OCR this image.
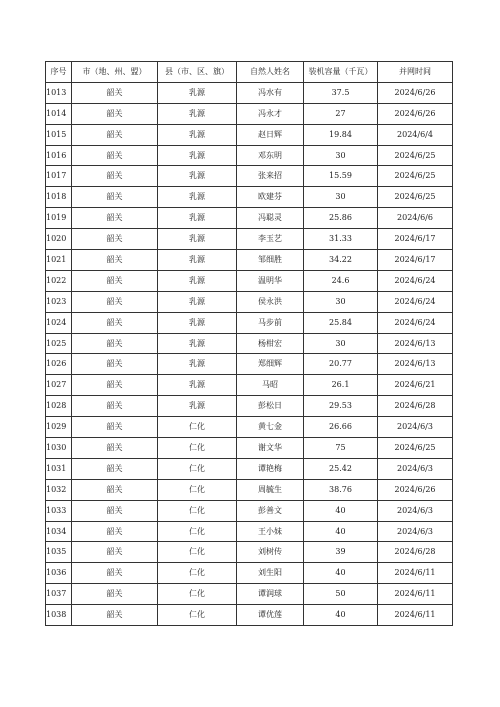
序号	市（地、州、盟）	县（市、区、旗）	自然人姓名	装机容量（千瓦）	并网时间
1013	韶关	乳源	冯水有	37.5	2024/6/26
1014	韶关	乳源	冯永才	27	2024/6/26
1015	韶关	乳源	赵日辉	19.84	2024/6/4
1016	韶关	乳源	邓东明	30	2024/6/25
1017	韶关	乳源	张来招	15.59	2024/6/25
1018	韶关	乳源	欧建芬	30	2024/6/25
1019	韶关	乳源	冯聪灵	25.86	2024/6/6
1020	韶关	乳源	李玉艺	31.33	2024/6/17
1021	韶关	乳源	邹细胜	34.22	2024/6/17
1022	韶关	乳源	温明华	24.6	2024/6/24
1023	韶关	乳源	侯永洪	30	2024/6/24
1024	韶关	乳源	马步前	25.84	2024/6/24
1025	韶关	乳源	杨柑宏	30	2024/6/13
1026	韶关	乳源	郑细辉	20.77	2024/6/13
1027	韶关	乳源	马昭	26.1	2024/6/21
1028	韶关	乳源	彭松日	29.53	2024/6/28
1029	韶关	仁化	黄七金	26.66	2024/6/3
1030	韶关	仁化	谢文华	75	2024/6/25
1031	韶关	仁化	谭艳梅	25.42	2024/6/3
1032	韶关	仁化	周毓生	38.76	2024/6/26
1033	韶关	仁化	彭善文	40	2024/6/3
1034	韶关	仁化	王小妹	40	2024/6/3
1035	韶关	仁化	刘树传	39	2024/6/28
1036	韶关	仁化	刘生阳	40	2024/6/11
1037	韶关	仁化	谭润球	50	2024/6/11
1038	韶关	仁化	谭优莲	40	2024/6/11
